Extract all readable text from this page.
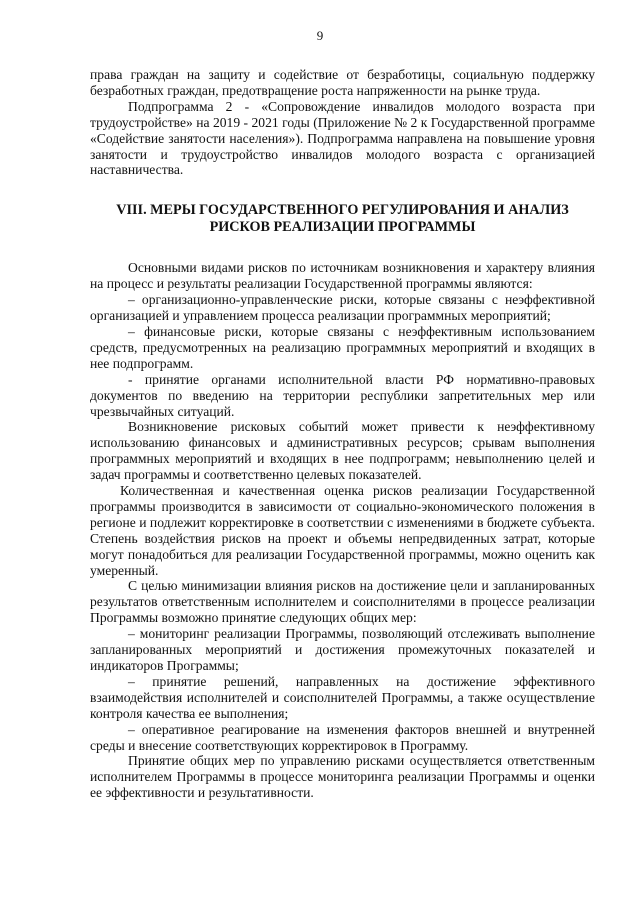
9

права граждан на защиту и содействие от безработицы, социальную поддержку безработных граждан, предотвращение роста напряженности на рынке труда.

Подпрограмма 2 - «Сопровождение инвалидов молодого возраста при трудоустройстве» на 2019 - 2021 годы (Приложение № 2 к Государственной программе «Содействие занятости населения»). Подпрограмма направлена на повышение уровня занятости и трудоустройство инвалидов молодого возраста с организацией наставничества.

VIII. МЕРЫ ГОСУДАРСТВЕННОГО РЕГУЛИРОВАНИЯ И АНАЛИЗ
РИСКОВ РЕАЛИЗАЦИИ ПРОГРАММЫ

Основными видами рисков по источникам возникновения и характеру влияния на процесс и результаты реализации Государственной программы являются:

– организационно-управленческие риски, которые связаны с неэффективной организацией и управлением процесса реализации программных мероприятий;

– финансовые риски, которые связаны с неэффективным использованием средств, предусмотренных на реализацию программных мероприятий и входящих в нее подпрограмм.

- принятие органами исполнительной власти РФ нормативно-правовых документов по введению на территории республики запретительных мер или чрезвычайных ситуаций.

Возникновение рисковых событий может привести к неэффективному использованию финансовых и административных ресурсов; срывам выполнения программных мероприятий и входящих в нее подпрограмм; невыполнению целей и задач программы и соответственно целевых показателей.

Количественная и качественная оценка рисков реализации Государственной программы производится в зависимости от социально-экономического положения в регионе и подлежит корректировке в соответствии с изменениями в бюджете субъекта. Степень воздействия рисков на проект и объемы непредвиденных затрат, которые могут понадобиться для реализации Государственной программы, можно оценить как умеренный.

С целью минимизации влияния рисков на достижение цели и запланированных результатов ответственным исполнителем и соисполнителями в процессе реализации Программы возможно принятие следующих общих мер:

– мониторинг реализации Программы, позволяющий отслеживать выполнение запланированных мероприятий и достижения промежуточных показателей и индикаторов Программы;

– принятие решений, направленных на достижение эффективного взаимодействия исполнителей и соисполнителей Программы, а также осуществление контроля качества ее выполнения;

– оперативное реагирование на изменения факторов внешней и внутренней среды и внесение соответствующих корректировок в Программу.

Принятие общих мер по управлению рисками осуществляется ответственным исполнителем Программы в процессе мониторинга реализации Программы и оценки ее эффективности и результативности.
